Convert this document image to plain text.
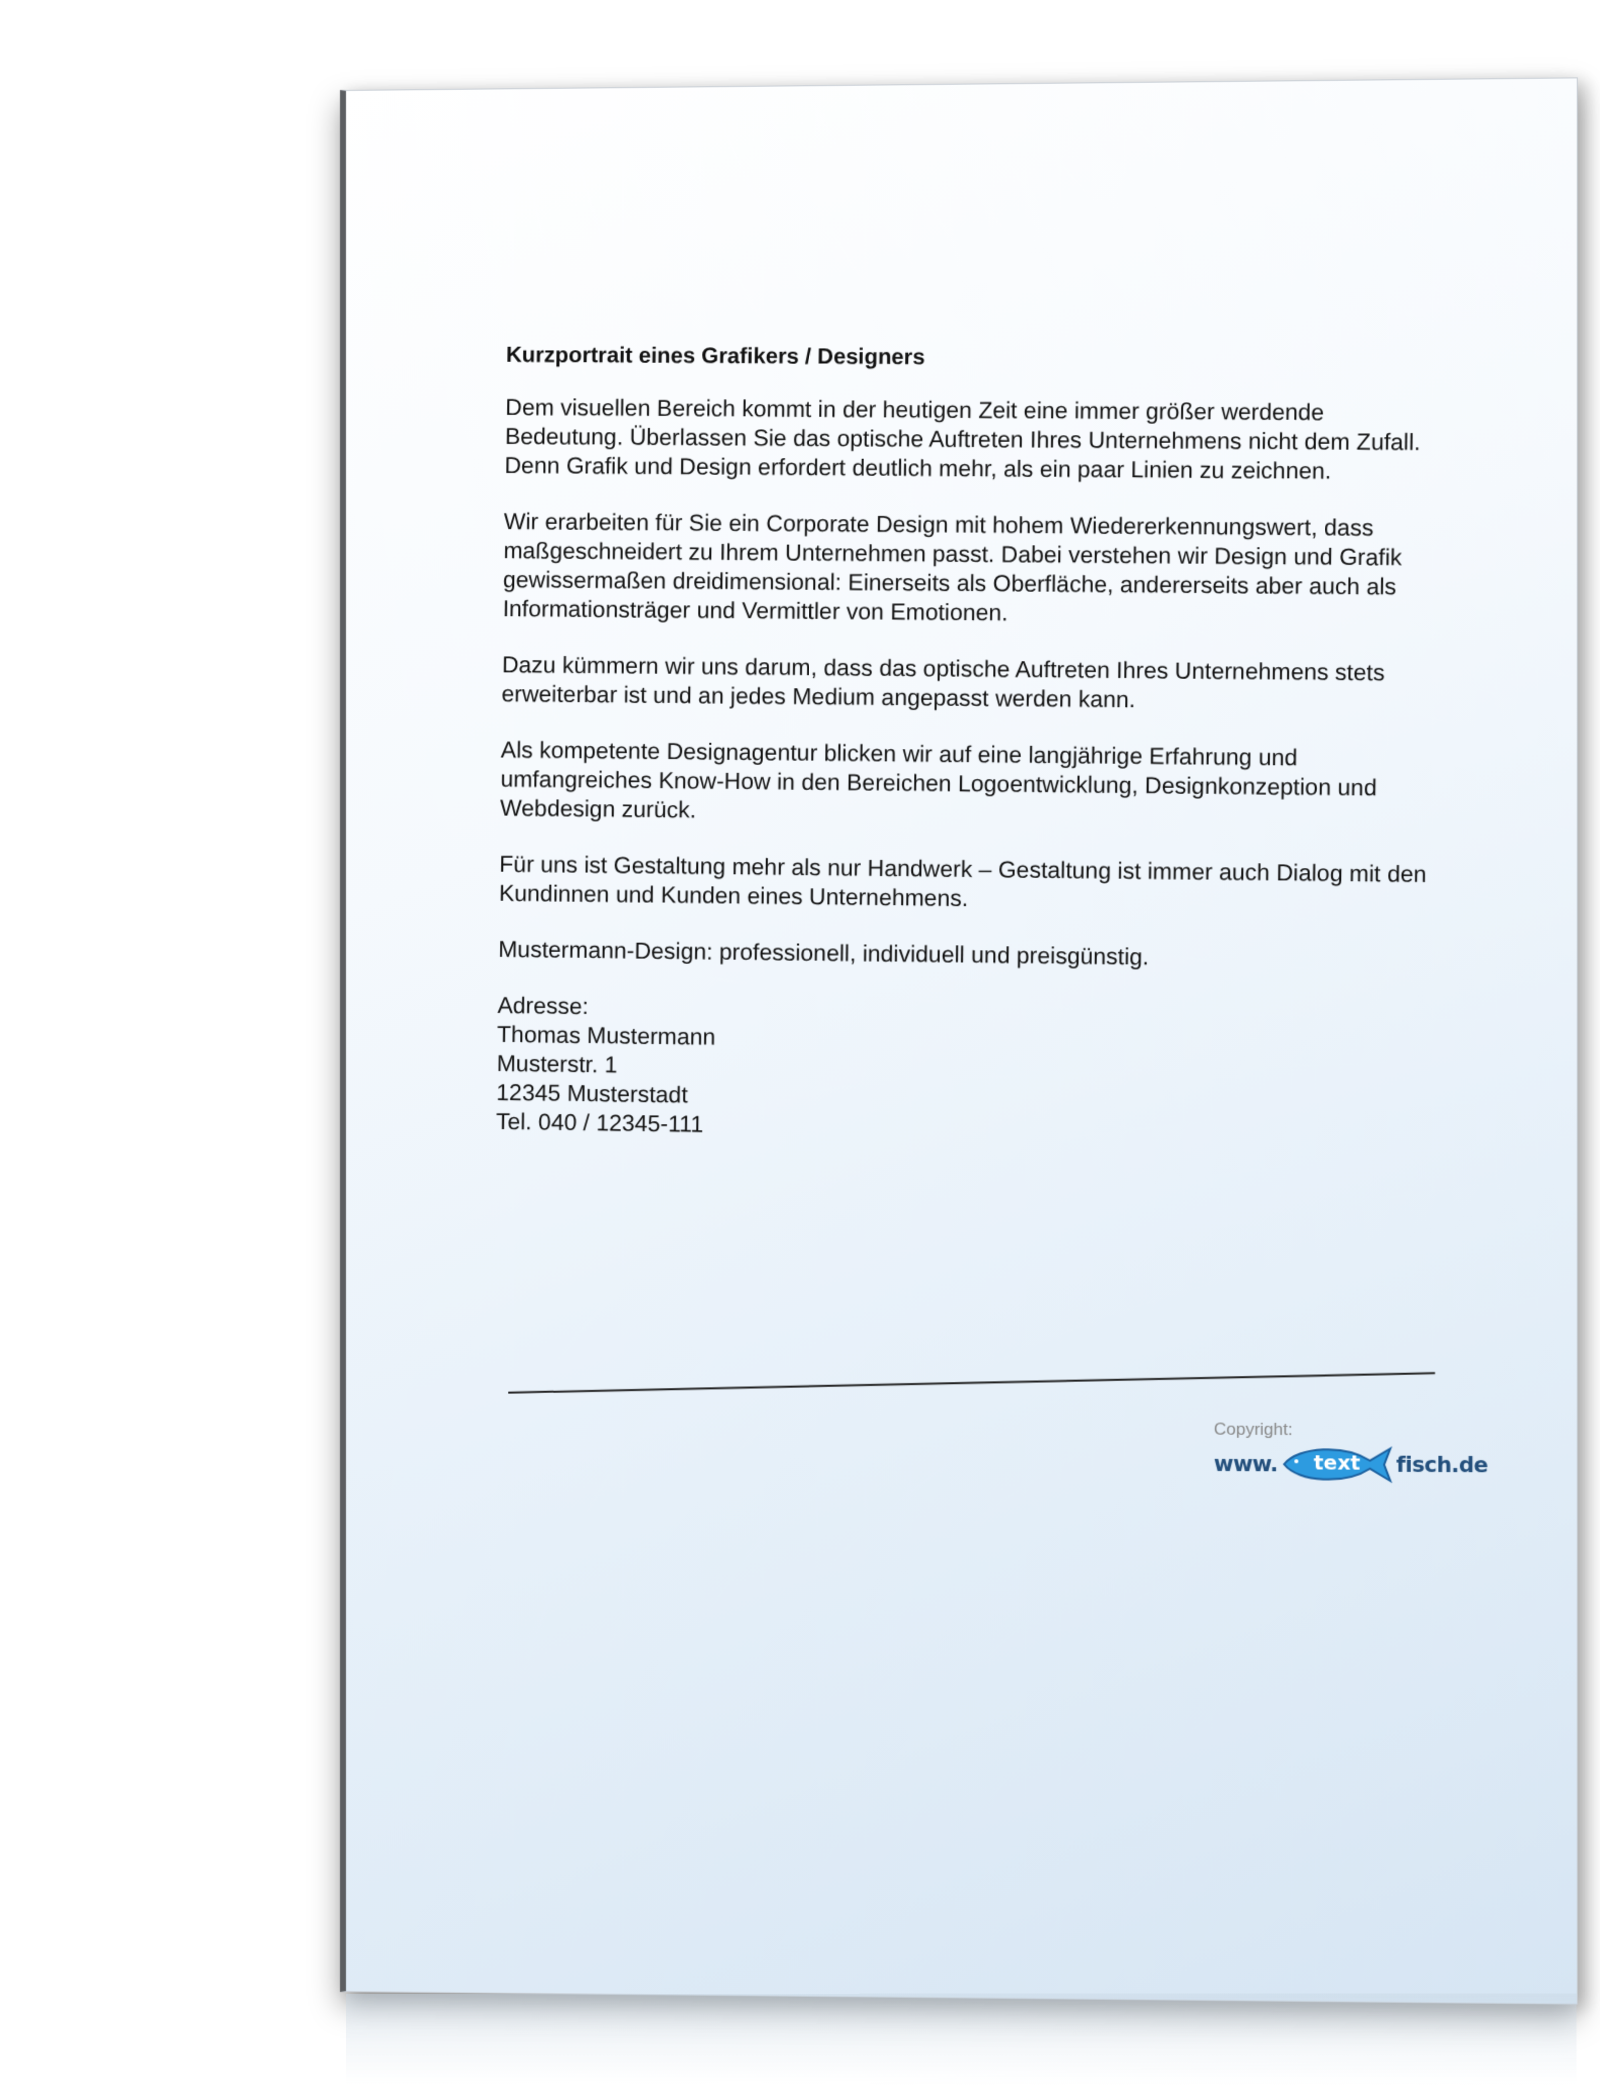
Kurzportrait eines Grafikers / Designers

Dem visuellen Bereich kommt in der heutigen Zeit eine immer größer werdende Bedeutung. Überlassen Sie das optische Auftreten Ihres Unternehmens nicht dem Zufall. Denn Grafik und Design erfordert deutlich mehr, als ein paar Linien zu zeichnen.

Wir erarbeiten für Sie ein Corporate Design mit hohem Wiedererkennungswert, dass maßgeschneidert zu Ihrem Unternehmen passt. Dabei verstehen wir Design und Grafik gewissermaßen dreidimensional: Einerseits als Oberfläche, andererseits aber auch als Informationsträger und Vermittler von Emotionen.

Dazu kümmern wir uns darum, dass das optische Auftreten Ihres Unternehmens stets erweiterbar ist und an jedes Medium angepasst werden kann.

Als kompetente Designagentur blicken wir auf eine langjährige Erfahrung und umfangreiches Know-How in den Bereichen Logoentwicklung, Designkonzeption und Webdesign zurück.

Für uns ist Gestaltung mehr als nur Handwerk – Gestaltung ist immer auch Dialog mit den Kundinnen und Kunden eines Unternehmens.

Mustermann-Design: professionell, individuell und preisgünstig.

Adresse:
Thomas Mustermann
Musterstr. 1
12345 Musterstadt
Tel. 040 / 12345-111

Copyright:
www. text fisch.de
